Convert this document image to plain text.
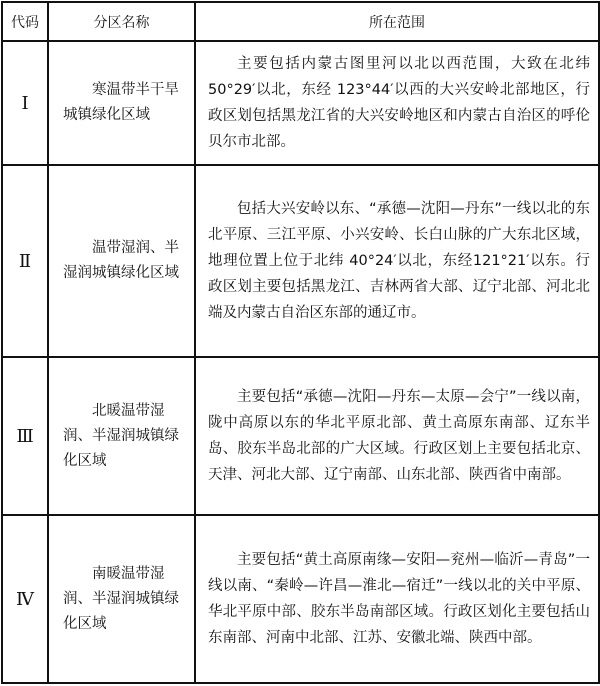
代码	分区名称	所在范围
Ⅰ	寒温带半干旱城镇绿化区域	主要包括内蒙古图里河以北以西范围，大致在北纬50°29′以北，东经 123°44′以西的大兴安岭北部地区，行政区划包括黑龙江省的大兴安岭地区和内蒙古自治区的呼伦贝尔市北部。

Ⅱ	温带湿润、半湿润城镇绿化区域	包括大兴安岭以东、“承德—沈阳—丹东”一线以北的东北平原、三江平原、小兴安岭、长白山脉的广大东北区域，地理位置上位于北纬 40°24′以北，东经121°21′以东。行政区划主要包括黑龙江、吉林两省大部、辽宁北部、河北北端及内蒙古自治区东部的通辽市。

Ⅲ	北暖温带湿润、半湿润城镇绿化区域	主要包括“承德—沈阳—丹东—太原—会宁”一线以南，陇中高原以东的华北平原北部、黄土高原东南部、辽东半岛、胶东半岛北部的广大区域。行政区划上主要包括北京、天津、河北大部、辽宁南部、山东北部、陕西省中南部。

Ⅳ	南暖温带湿润、半湿润城镇绿化区域	主要包括“黄土高原南缘—安阳—兖州—临沂—青岛”一线以南、“秦岭—许昌—淮北—宿迁”一线以北的关中平原、华北平原中部、胶东半岛南部区域。行政区划化主要包括山东南部、河南中北部、江苏、安徽北端、陕西中部。
